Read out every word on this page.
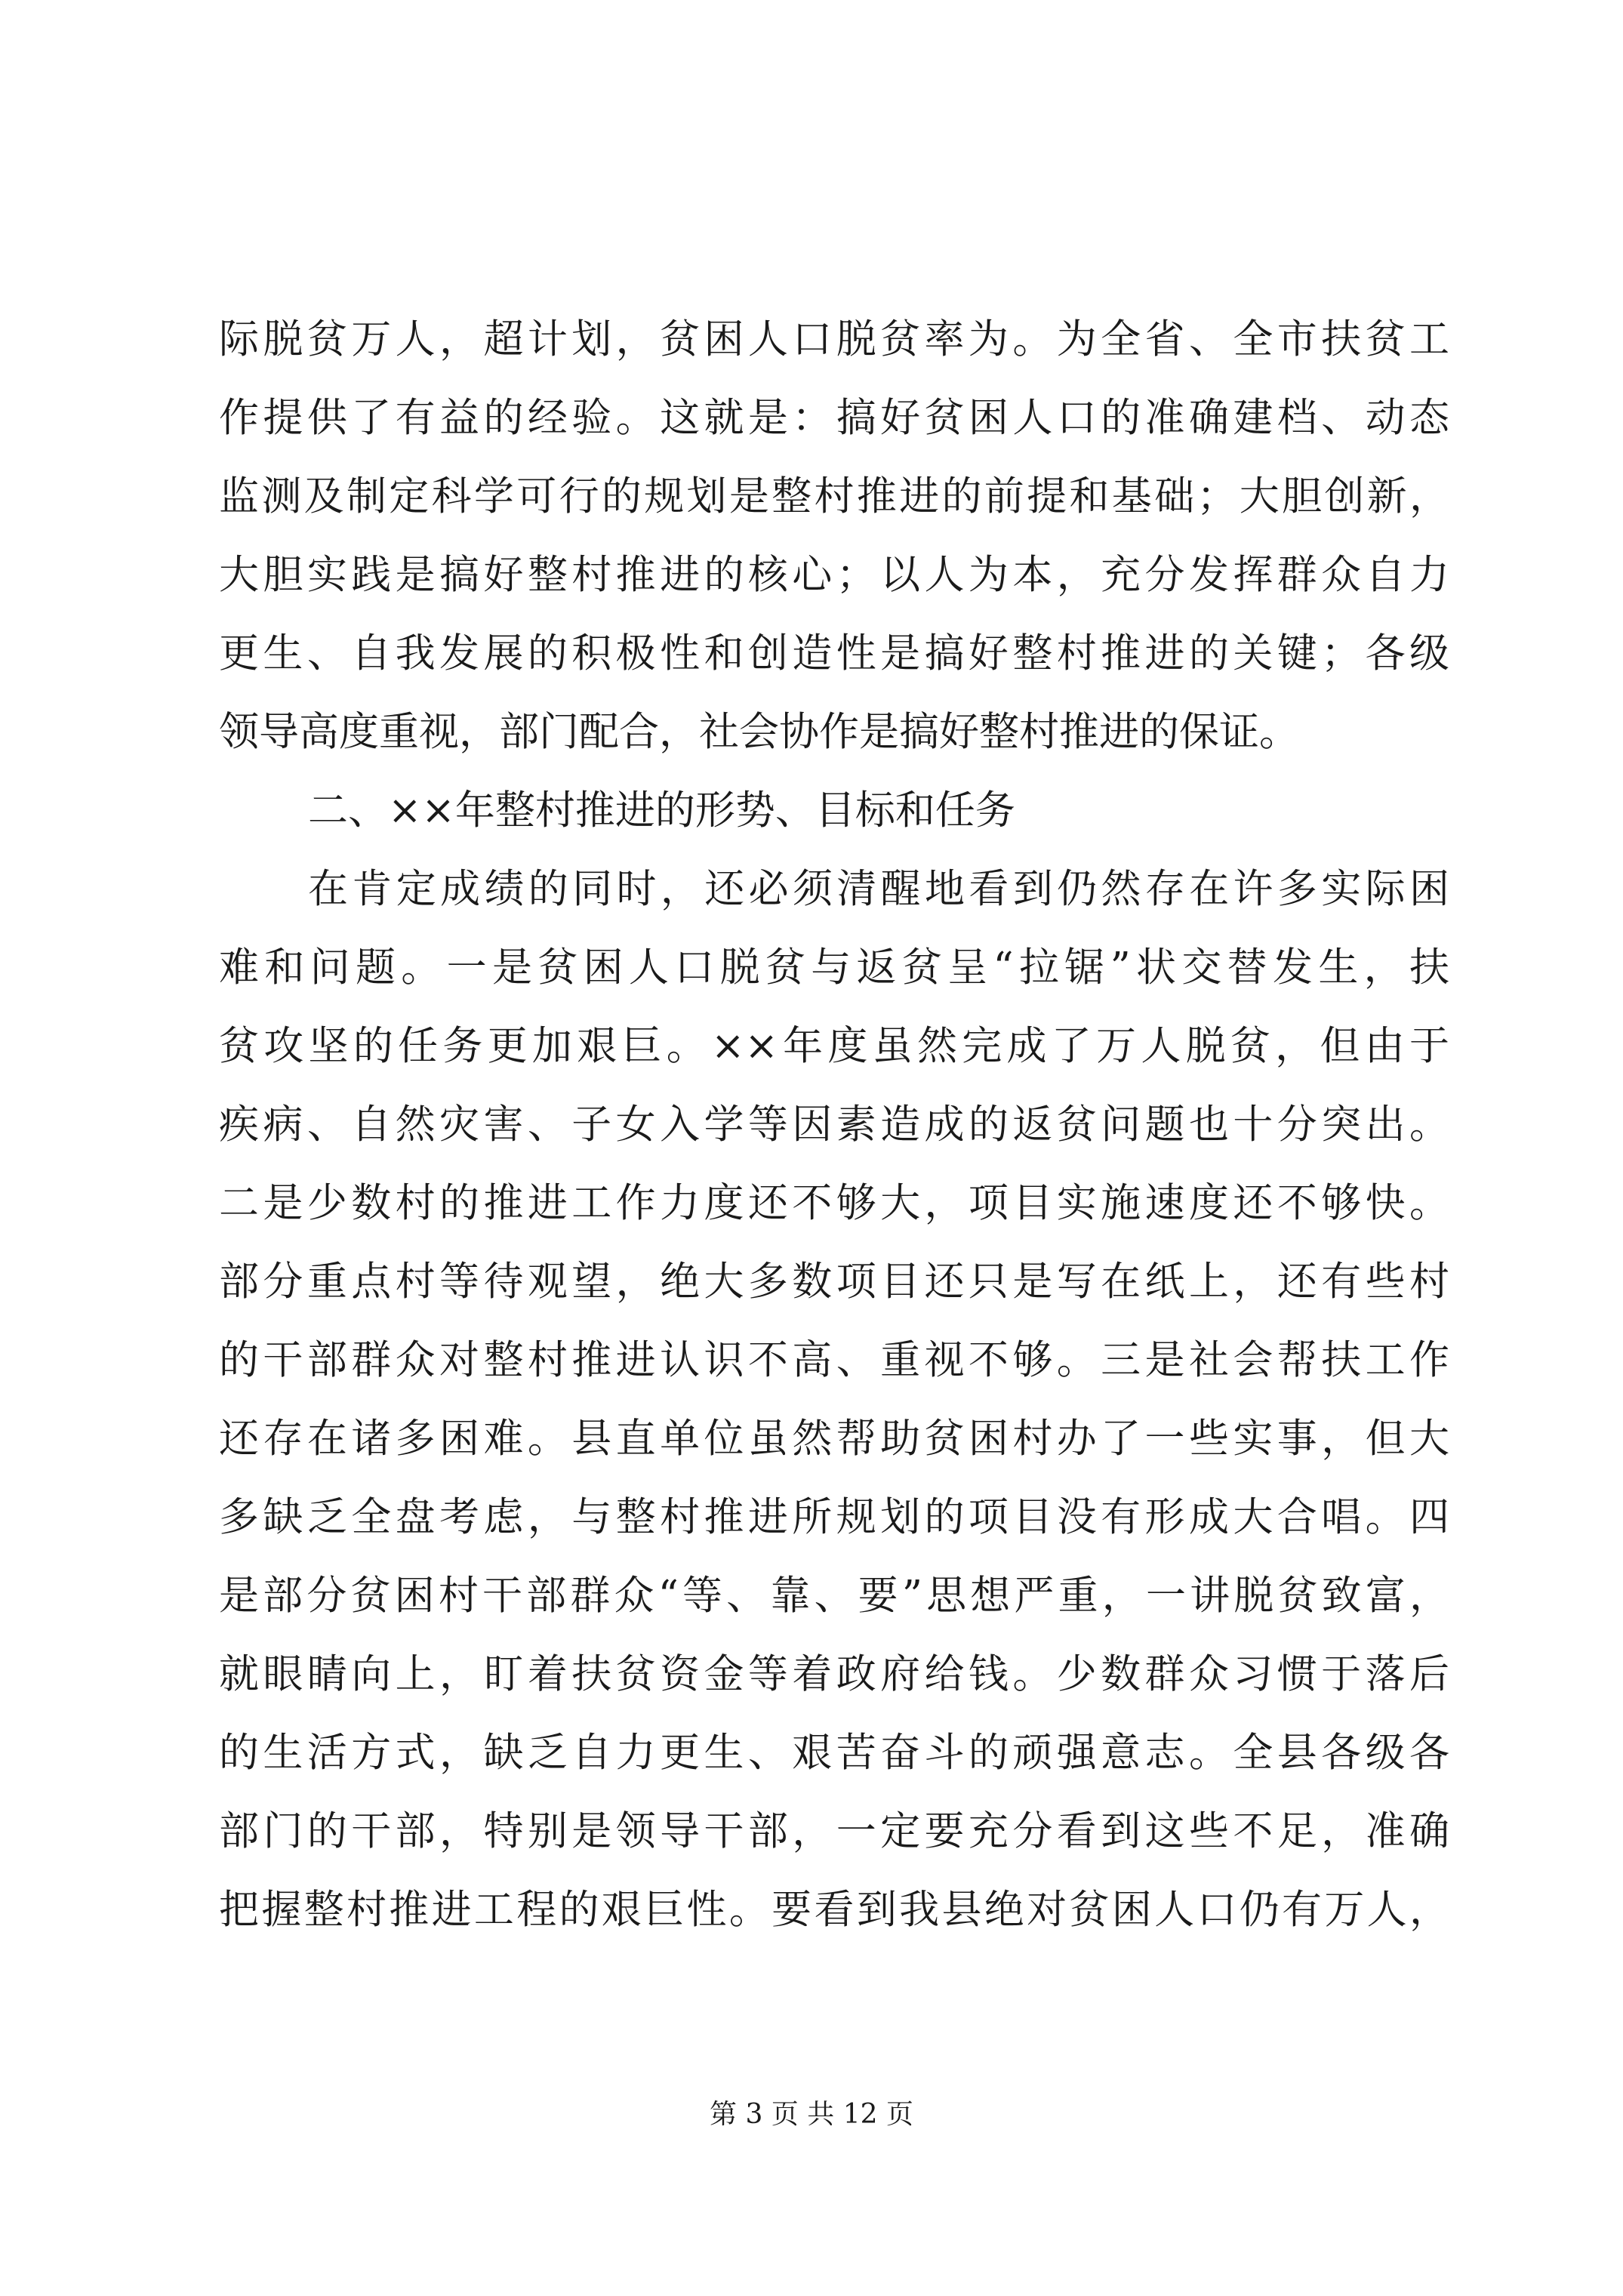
际脱贫万人，超计划，贫困人口脱贫率为。为全省、全市扶贫工
作提供了有益的经验。这就是：搞好贫困人口的准确建档、动态
监测及制定科学可行的规划是整村推进的前提和基础；大胆创新，
大胆实践是搞好整村推进的核心；以人为本，充分发挥群众自力
更生、自我发展的积极性和创造性是搞好整村推进的关键；各级
领导高度重视，部门配合，社会协作是搞好整村推进的保证。
二、××年整村推进的形势、目标和任务
在肯定成绩的同时，还必须清醒地看到仍然存在许多实际困
难和问题。一是贫困人口脱贫与返贫呈“拉锯”状交替发生，扶
贫攻坚的任务更加艰巨。××年度虽然完成了万人脱贫，但由于
疾病、自然灾害、子女入学等因素造成的返贫问题也十分突出。
二是少数村的推进工作力度还不够大，项目实施速度还不够快。
部分重点村等待观望，绝大多数项目还只是写在纸上，还有些村
的干部群众对整村推进认识不高、重视不够。三是社会帮扶工作
还存在诸多困难。县直单位虽然帮助贫困村办了一些实事，但大
多缺乏全盘考虑，与整村推进所规划的项目没有形成大合唱。四
是部分贫困村干部群众“等、靠、要”思想严重，一讲脱贫致富，
就眼睛向上，盯着扶贫资金等着政府给钱。少数群众习惯于落后
的生活方式，缺乏自力更生、艰苦奋斗的顽强意志。全县各级各
部门的干部，特别是领导干部，一定要充分看到这些不足，准确
把握整村推进工程的艰巨性。要看到我县绝对贫困人口仍有万人，
第 3 页 共 12 页
